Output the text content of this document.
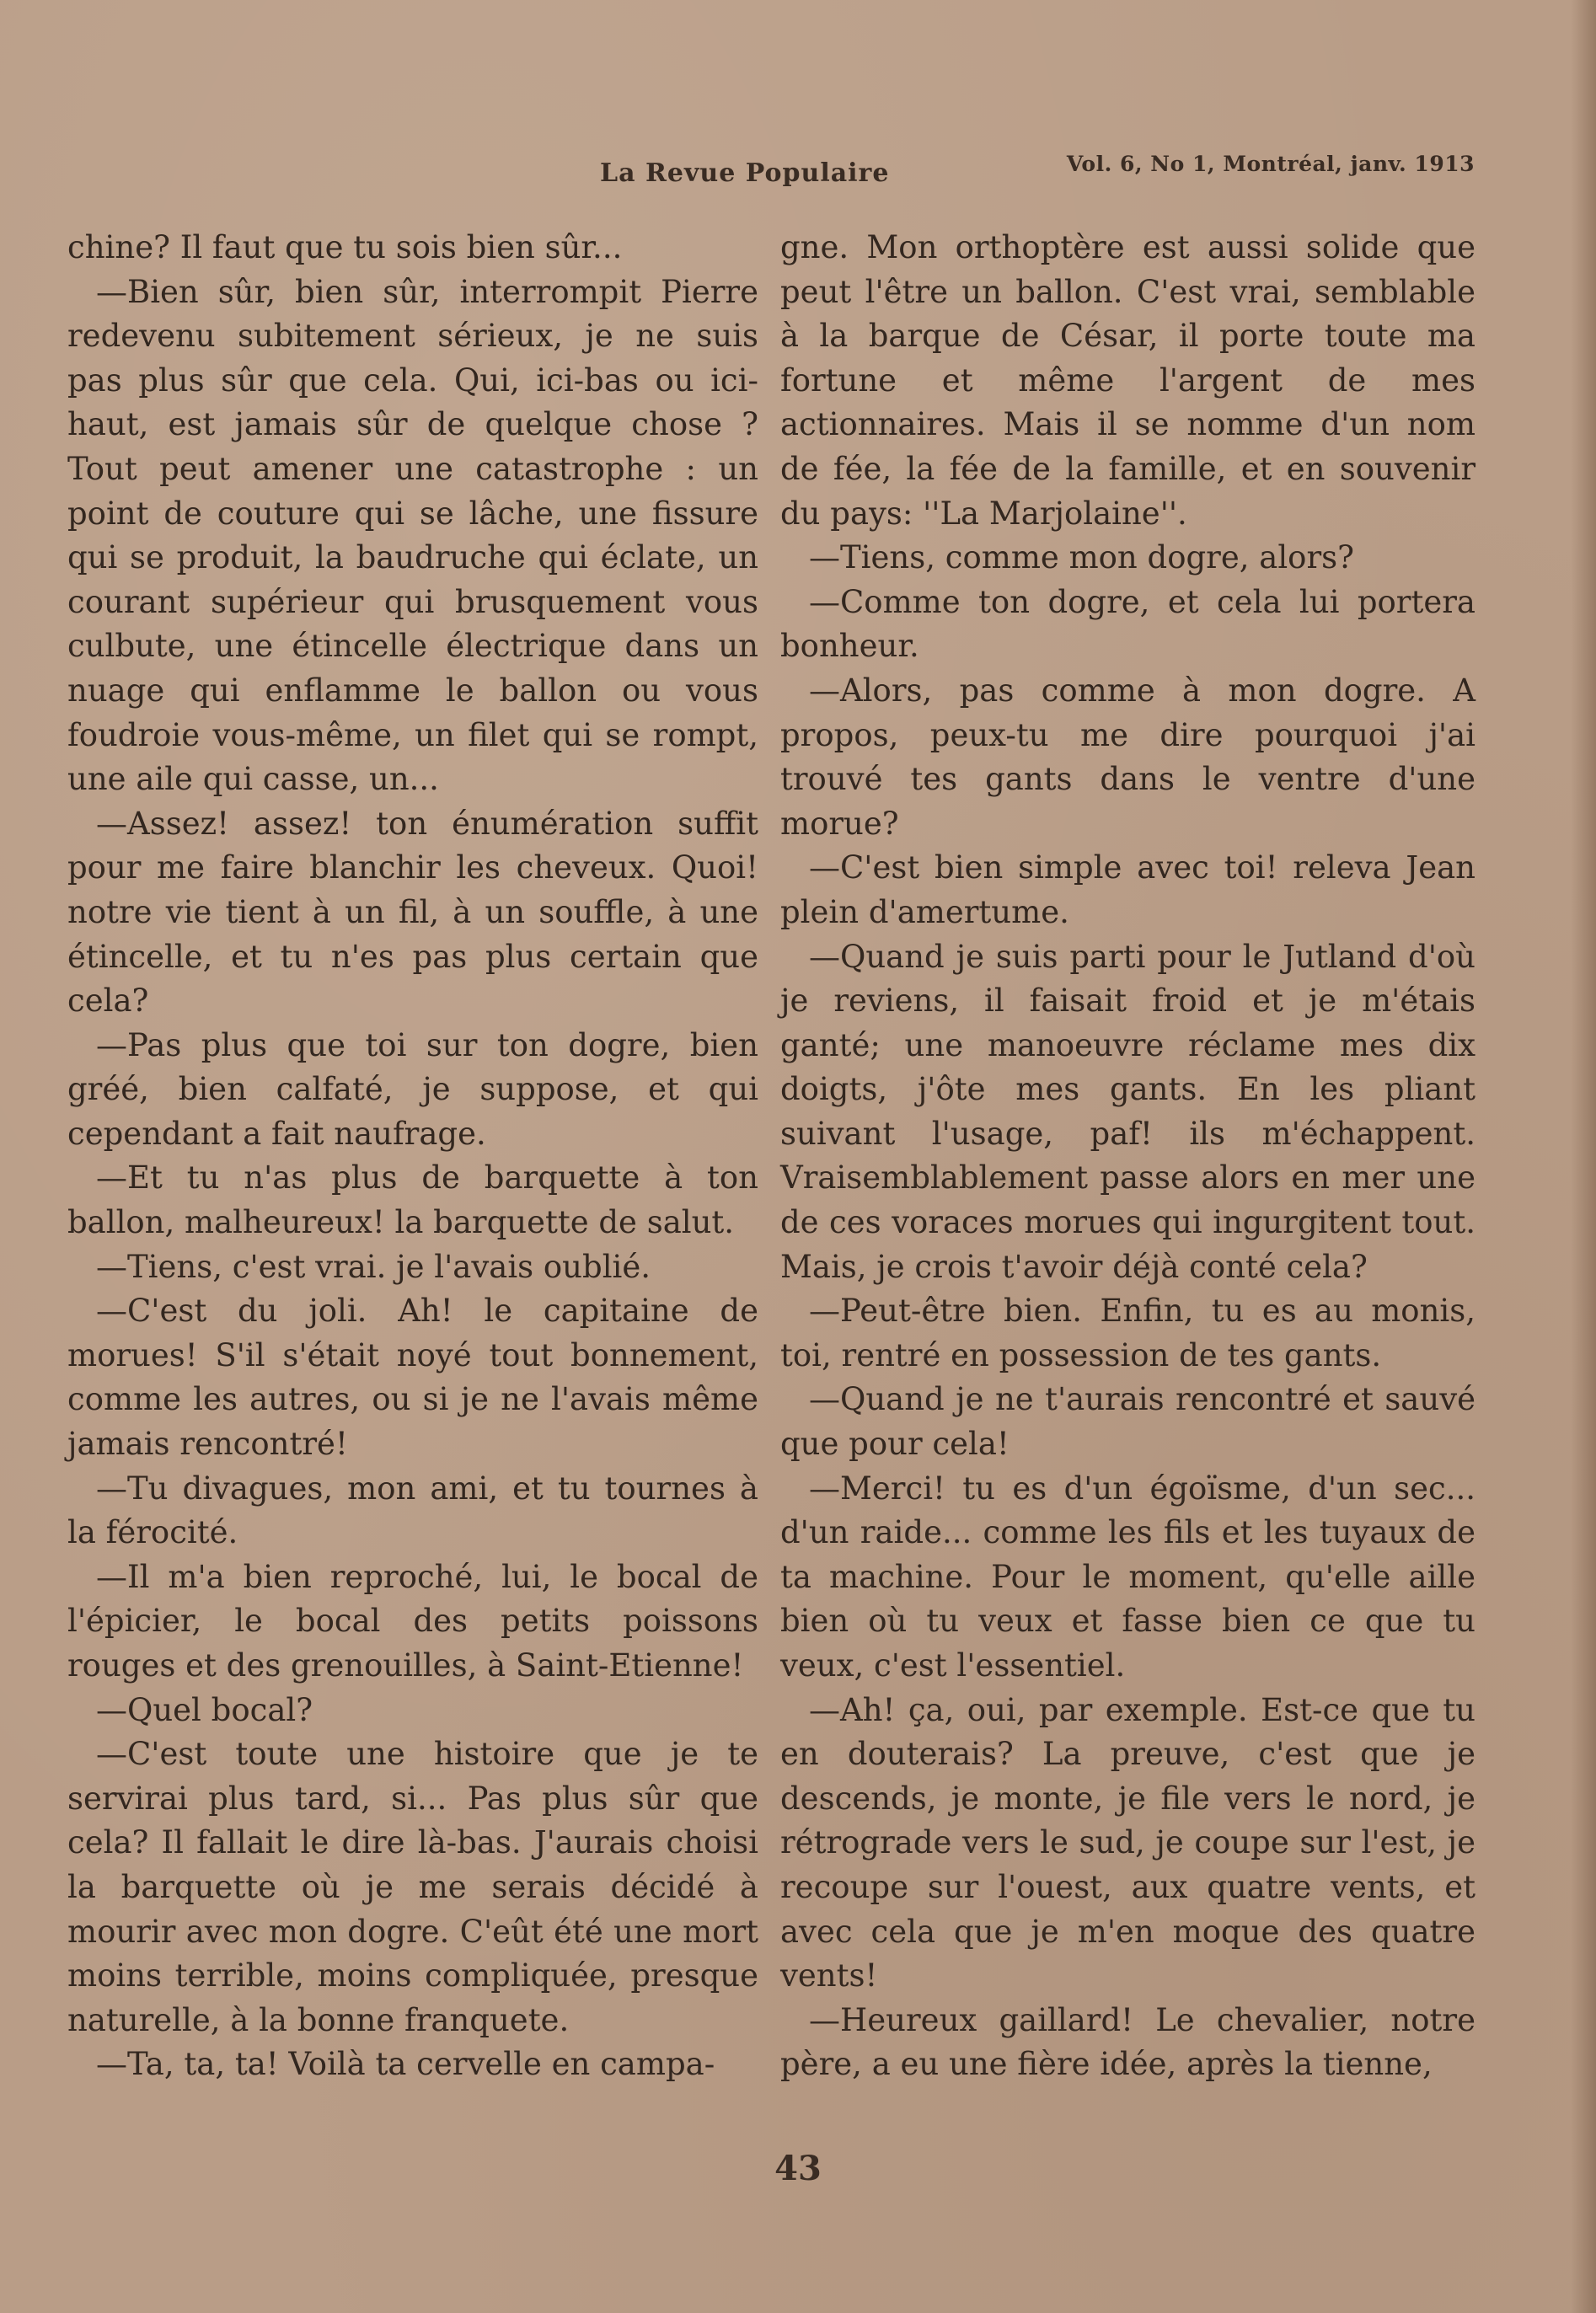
La Revue Populaire	Vol. 6, No 1, Montréal, janv. 1913

chine? Il faut que tu sois bien sûr...

—Bien sûr, bien sûr, interrompit Pierre redevenu subitement sérieux, je ne suis pas plus sûr que cela. Qui, ici-bas ou ici-haut, est jamais sûr de quelque chose ? Tout peut amener une catastrophe : un point de couture qui se lâche, une fissure qui se produit, la baudruche qui éclate, un courant supérieur qui brusquement vous culbute, une étincelle électrique dans un nuage qui enflamme le ballon ou vous foudroie vous-même, un filet qui se rompt, une aile qui casse, un...

—Assez! assez! ton énumération suffit pour me faire blanchir les cheveux. Quoi! notre vie tient à un fil, à un souffle, à une étincelle, et tu n'es pas plus certain que cela?

—Pas plus que toi sur ton dogre, bien gréé, bien calfaté, je suppose, et qui cependant a fait naufrage.

—Et tu n'as plus de barquette à ton ballon, malheureux! la barquette de salut.

—Tiens, c'est vrai. je l'avais oublié.

—C'est du joli. Ah! le capitaine de morues! S'il s'était noyé tout bonnement, comme les autres, ou si je ne l'avais même jamais rencontré!

—Tu divagues, mon ami, et tu tournes à la férocité.

—Il m'a bien reproché, lui, le bocal de l'épicier, le bocal des petits poissons rouges et des grenouilles, à Saint-Etienne!

—Quel bocal?

—C'est toute une histoire que je te servirai plus tard, si... Pas plus sûr que cela? Il fallait le dire là-bas. J'aurais choisi la barquette où je me serais décidé à mourir avec mon dogre. C'eût été une mort moins terrible, moins compliquée, presque naturelle, à la bonne franquete.

—Ta, ta, ta! Voilà ta cervelle en campa-

gne. Mon orthoptère est aussi solide que peut l'être un ballon. C'est vrai, semblable à la barque de César, il porte toute ma fortune et même l'argent de mes actionnaires. Mais il se nomme d'un nom de fée, la fée de la famille, et en souvenir du pays: ''La Marjolaine''.

—Tiens, comme mon dogre, alors?

—Comme ton dogre, et cela lui portera bonheur.

—Alors, pas comme à mon dogre. A propos, peux-tu me dire pourquoi j'ai trouvé tes gants dans le ventre d'une morue?

—C'est bien simple avec toi! releva Jean plein d'amertume.

—Quand je suis parti pour le Jutland d'où je reviens, il faisait froid et je m'étais ganté; une manoeuvre réclame mes dix doigts, j'ôte mes gants. En les pliant suivant l'usage, paf! ils m'échappent. Vraisemblablement passe alors en mer une de ces voraces morues qui ingurgitent tout. Mais, je crois t'avoir déjà conté cela?

—Peut-être bien. Enfin, tu es au monis, toi, rentré en possession de tes gants.

—Quand je ne t'aurais rencontré et sauvé que pour cela!

—Merci! tu es d'un égoïsme, d'un sec... d'un raide... comme les fils et les tuyaux de ta machine. Pour le moment, qu'elle aille bien où tu veux et fasse bien ce que tu veux, c'est l'essentiel.

—Ah! ça, oui, par exemple. Est-ce que tu en douterais? La preuve, c'est que je descends, je monte, je file vers le nord, je rétrograde vers le sud, je coupe sur l'est, je recoupe sur l'ouest, aux quatre vents, et avec cela que je m'en moque des quatre vents!

—Heureux gaillard! Le chevalier, notre père, a eu une fière idée, après la tienne,

43
